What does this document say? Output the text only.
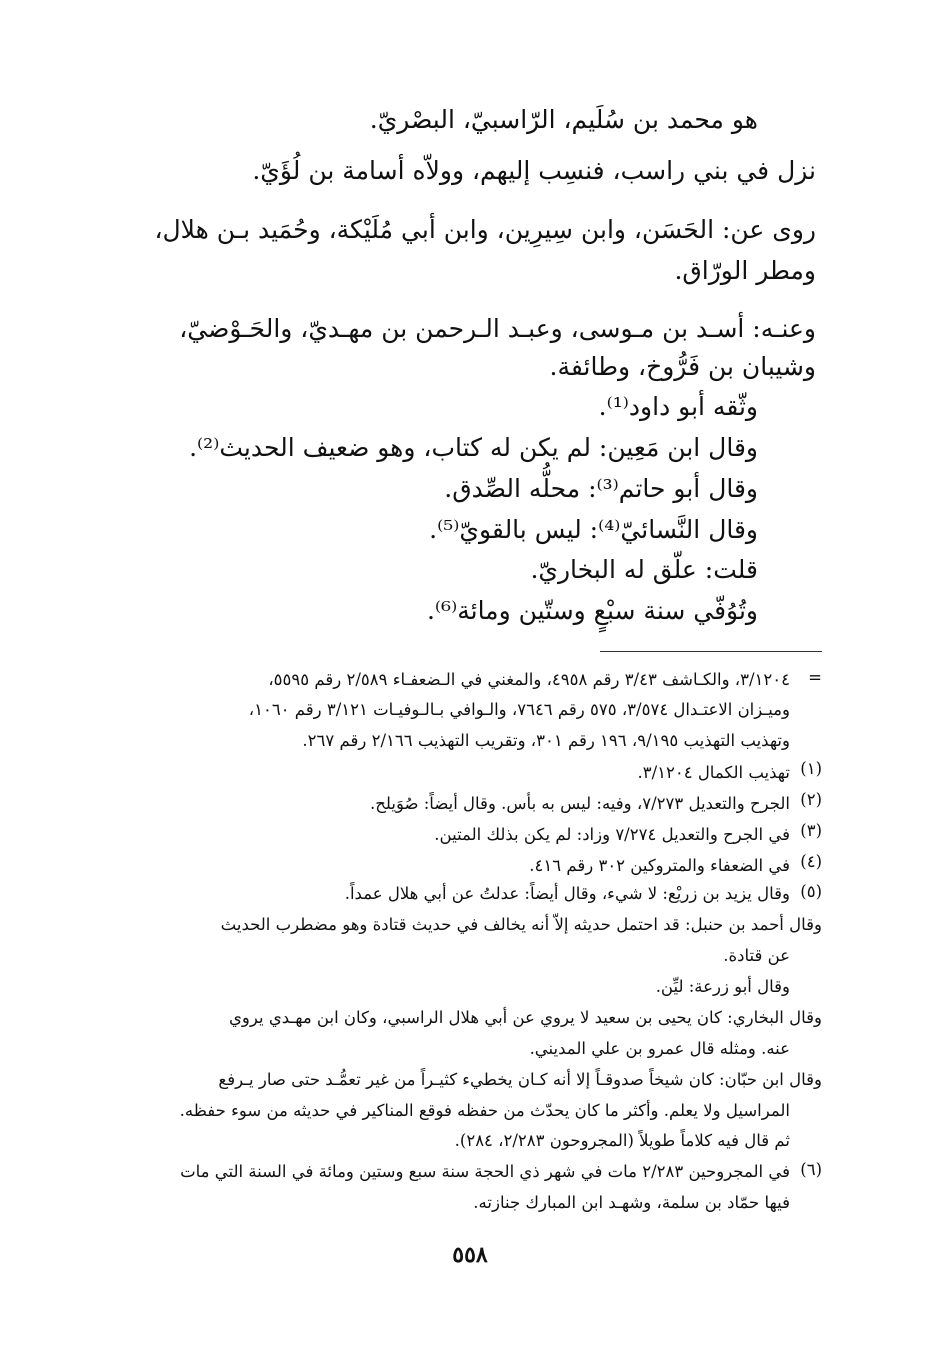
هو محمد بن سُلَيم، الرّاسبيّ، البصْريّ.

نزل في بني راسب، فنسِب إليهم، وولاّه أسامة بن لُؤَيّ.

روى عن: الحَسَن، وابن سِيرِين، وابن أبي مُلَيْكة، وحُمَيد بـن هلال،

ومطر الورّاق.

وعنـه: أسـد بن مـوسى، وعبـد الـرحمن بن مهـديّ، والحَـوْضيّ،

وشيبان بن فَرُّوخ، وطائفة.

وثّقه أبو داود⁽¹⁾.

وقال ابن مَعِين: لم يكن له كتاب، وهو ضعيف الحديث⁽²⁾.

وقال أبو حاتم⁽³⁾: محلُّه الصِّدق.

وقال النَّسائيّ⁽⁴⁾: ليس بالقويّ⁽⁵⁾.

قلت: علّق له البخاريّ.

وتُوُفّي سنة سبْعٍ وستّين ومائة⁽⁶⁾.

=

٣/١٢٠٤، والكـاشف ٣/٤٣ رقم ٤٩٥٨، والمغني في الـضعفـاء ٢/٥٨٩ رقم ٥٥٩٥،

وميـزان الاعتـدال ٣/٥٧٤، ٥٧٥ رقم ٧٦٤٦، والـوافي بـالـوفيـات ٣/١٢١ رقم ١٠٦٠،

وتهذيب التهذيب ٩/١٩٥، ١٩٦ رقم ٣٠١، وتقريب التهذيب ٢/١٦٦ رقم ٢٦٧.

(١)

تهذيب الكمال ٣/١٢٠٤.

(٢)

الجرح والتعديل ٧/٢٧٣، وفيه: ليس به بأس. وقال أيضاً: صُوَيلح.

(٣)

في الجرح والتعديل ٧/٢٧٤ وزاد: لم يكن بذلك المتين.

(٤)

في الضعفاء والمتروكين ٣٠٢ رقم ٤١٦.

(٥)

وقال يزيد بن زريْع: لا شيء، وقال أيضاً: عدلتُ عن أبي هلال عمداً.

وقال أحمد بن حنبل: قد احتمل حديثه إلاّ أنه يخالف في حديث قتادة وهو مضطرب الحديث

عن قتادة.

وقال أبو زرعة: ليِّن.

وقال البخاري: كان يحيى بن سعيد لا يروي عن أبي هلال الراسبي، وكان ابن مهـدي يروي

عنه. ومثله قال عمرو بن علي المديني.

وقال ابن حبّان: كان شيخاً صدوقـاً إلا أنه كـان يخطيء كثيـراً من غير تعمُّـد حتى صار يـرفع

المراسيل ولا يعلم. وأكثر ما كان يحدّث من حفظه فوقع المناكير في حديثه من سوء حفظه.

ثم قال فيه كلاماً طويلاً (المجروحون ٢/٢٨٣، ٢٨٤).

(٦)

في المجروحين ٢/٢٨٣ مات في شهر ذي الحجة سنة سبع وستين ومائة في السنة التي مات

فيها حمّاد بن سلمة، وشهـد ابن المبارك جنازته.

٥٥٨
